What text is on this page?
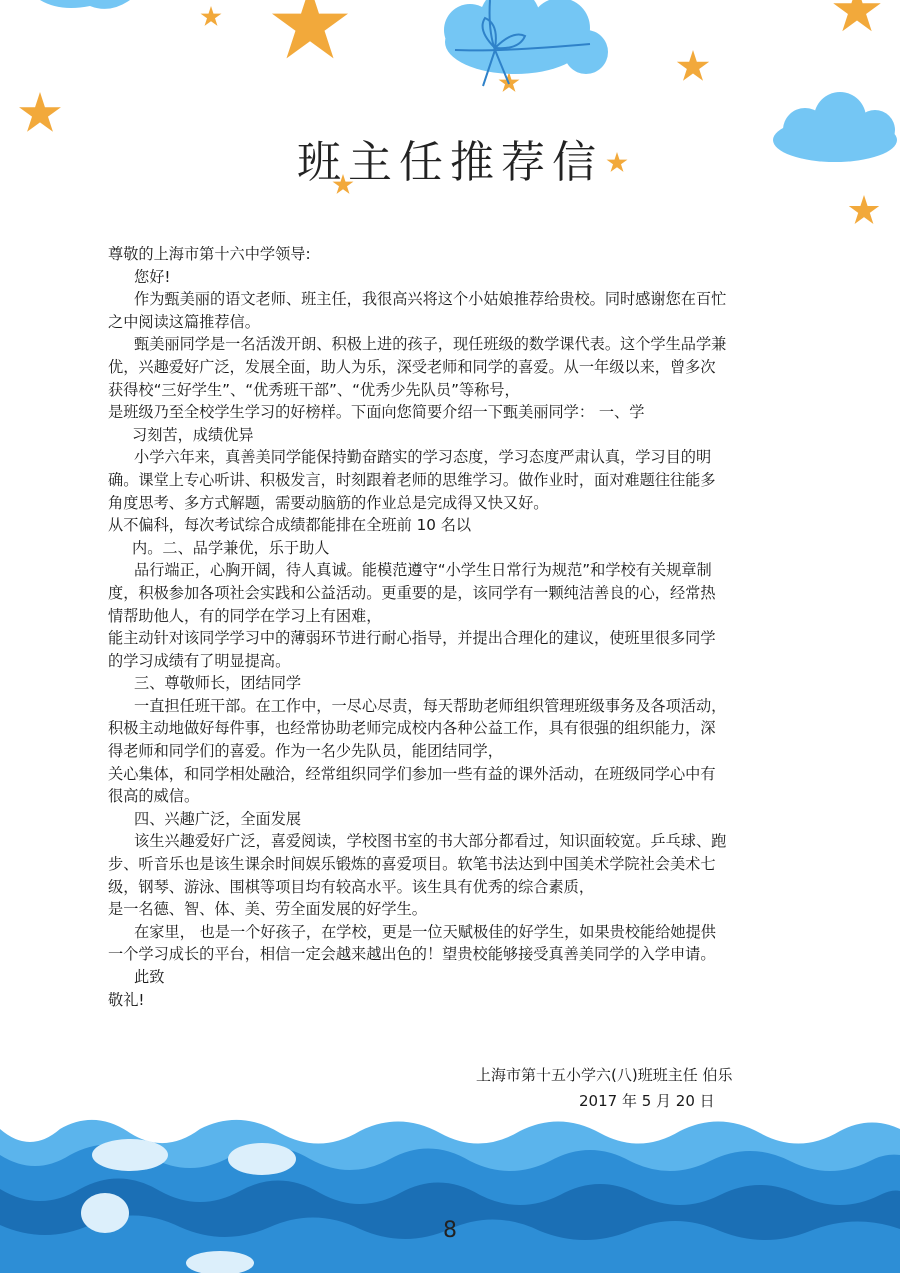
班主任推荐信

尊敬的上海市第十六中学领导:

您好!

作为甄美丽的语文老师、班主任，我很高兴将这个小姑娘推荐给贵校。同时感谢您在百忙

之中阅读这篇推荐信。

甄美丽同学是一名活泼开朗、积极上进的孩子，现任班级的数学课代表。这个学生品学兼

优，兴趣爱好广泛，发展全面，助人为乐，深受老师和同学的喜爱。从一年级以来，曾多次

获得校“三好学生”、“优秀班干部”、“优秀少先队员”等称号，

是班级乃至全校学生学习的好榜样。下面向您简要介绍一下甄美丽同学： 一、学

习刻苦，成绩优异

小学六年来，真善美同学能保持勤奋踏实的学习态度，学习态度严肃认真，学习目的明

确。课堂上专心听讲、积极发言，时刻跟着老师的思维学习。做作业时，面对难题往往能多

角度思考、多方式解题，需要动脑筋的作业总是完成得又快又好。

从不偏科，每次考试综合成绩都能排在全班前 10 名以

内。二、品学兼优，乐于助人

品行端正，心胸开阔，待人真诚。能模范遵守“小学生日常行为规范”和学校有关规章制

度，积极参加各项社会实践和公益活动。更重要的是，该同学有一颗纯洁善良的心，经常热

情帮助他人，有的同学在学习上有困难，

能主动针对该同学学习中的薄弱环节进行耐心指导，并提出合理化的建议，使班里很多同学

的学习成绩有了明显提高。

三、尊敬师长，团结同学

一直担任班干部。在工作中，一尽心尽责，每天帮助老师组织管理班级事务及各项活动，

积极主动地做好每件事，也经常协助老师完成校内各种公益工作，具有很强的组织能力，深

得老师和同学们的喜爱。作为一名少先队员，能团结同学，

关心集体，和同学相处融洽，经常组织同学们参加一些有益的课外活动，在班级同学心中有

很高的威信。

四、兴趣广泛，全面发展

该生兴趣爱好广泛，喜爱阅读，学校图书室的书大部分都看过，知识面较宽。乒乓球、跑

步、听音乐也是该生课余时间娱乐锻炼的喜爱项目。软笔书法达到中国美术学院社会美术七

级，钢琴、游泳、围棋等项目均有较高水平。该生具有优秀的综合素质，

是一名德、智、体、美、劳全面发展的好学生。

在家里， 也是一个好孩子，在学校，更是一位天赋极佳的好学生，如果贵校能给她提供

一个学习成长的平台，相信一定会越来越出色的！望贵校能够接受真善美同学的入学申请。

此致

敬礼!

上海市第十五小学六(八)班班主任 伯乐
2017 年 5 月 20 日
8
